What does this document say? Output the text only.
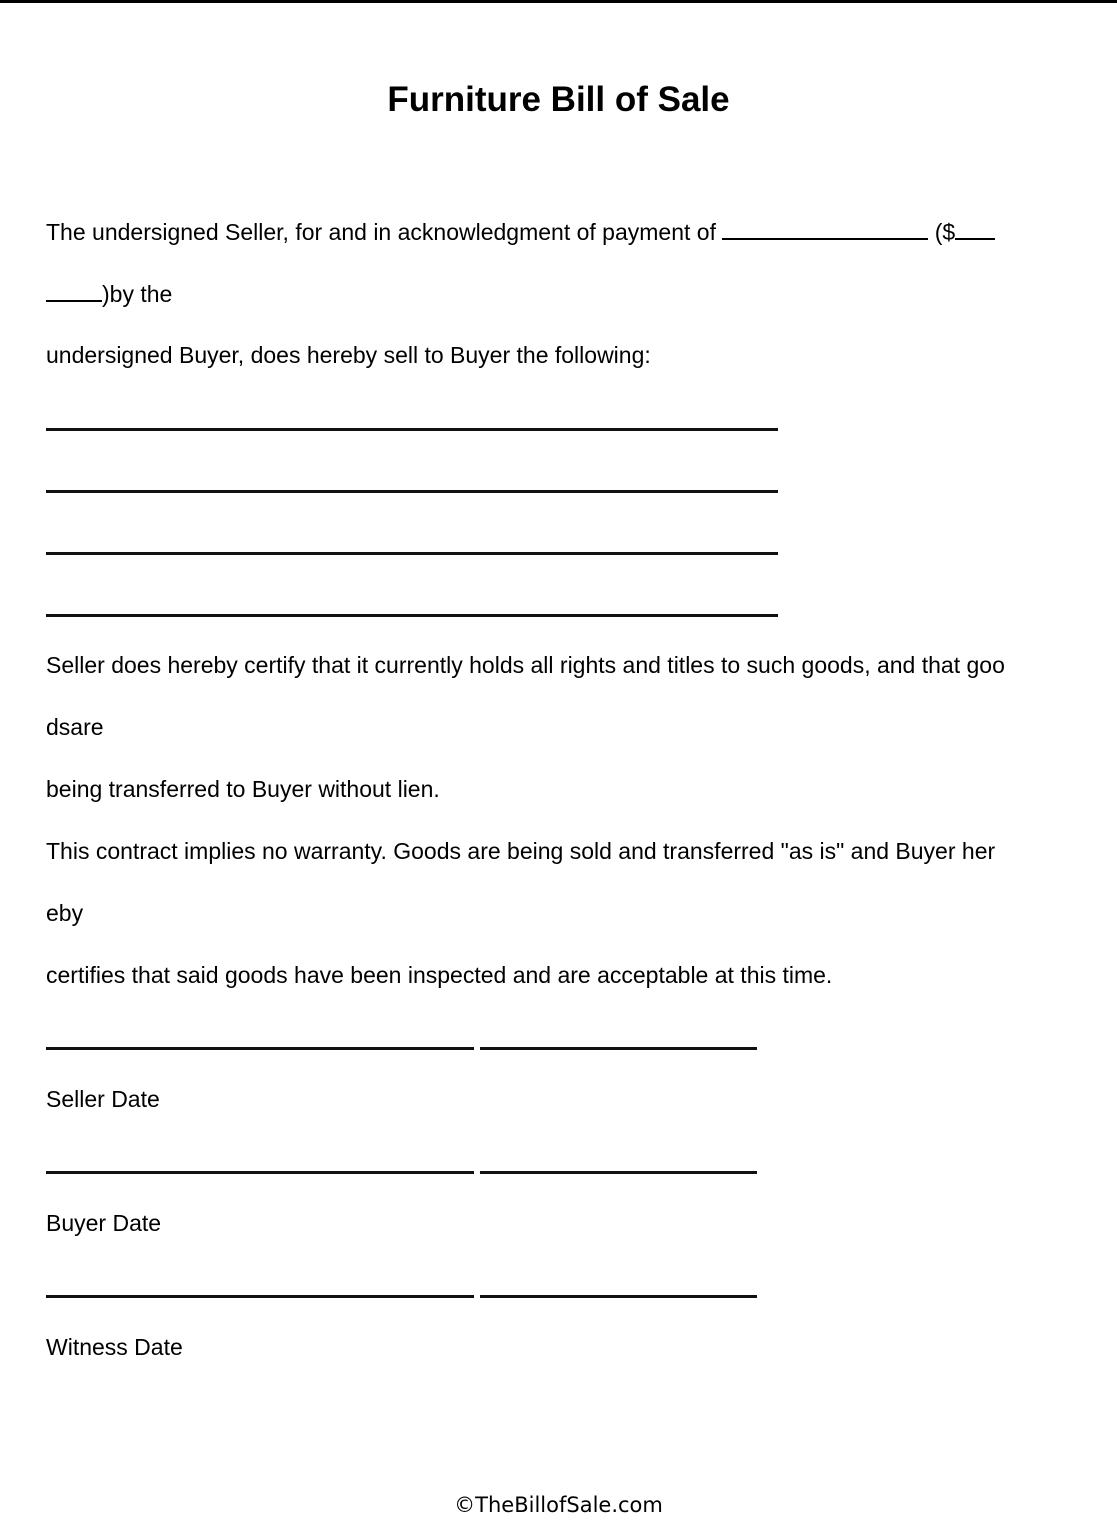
Furniture Bill of Sale

The undersigned Seller, for and in acknowledgment of payment of	($

)by the

undersigned Buyer, does hereby sell to Buyer the following:

Seller does hereby certify that it currently holds all rights and titles to such goods, and that goo

dsare

being transferred to Buyer without lien.

This contract implies no warranty. Goods are being sold and transferred "as is" and Buyer her

eby

certifies that said goods have been inspected and are acceptable at this time.

Seller Date

Buyer Date

Witness Date

©TheBillofSale.com
